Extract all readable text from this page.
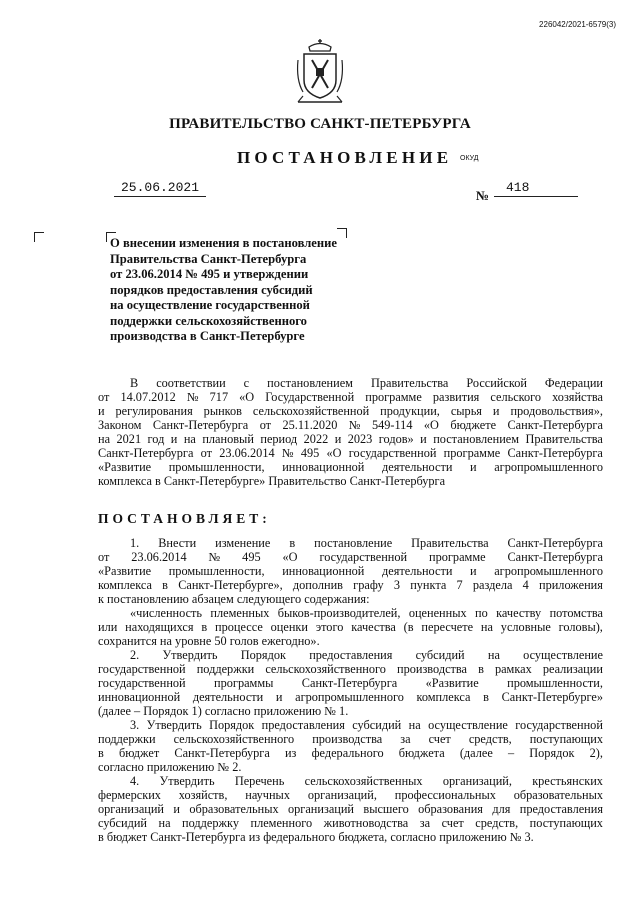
226042/2021-6579(3)
ПРАВИТЕЛЬСТВО САНКТ-ПЕТЕРБУРГА
ПОСТАНОВЛЕНИЕ ОКУД
25.06.2021
№
418
О внесении изменения в постановление
Правительства Санкт-Петербурга
от 23.06.2014 № 495 и утверждении
порядков предоставления субсидий
на осуществление государственной
поддержки сельскохозяйственного
производства в Санкт-Петербурге
В соответствии с постановлением Правительства Российской Федерации
от 14.07.2012 № 717 «О Государственной программе развития сельского хозяйства
и регулирования рынков сельскохозяйственной продукции, сырья и продовольствия»,
Законом Санкт-Петербурга от 25.11.2020 № 549-114 «О бюджете Санкт-Петербурга
на 2021 год и на плановый период 2022 и 2023 годов» и постановлением Правительства
Санкт-Петербурга от 23.06.2014 № 495 «О государственной программе Санкт-Петербурга
«Развитие промышленности, инновационной деятельности и агропромышленного
комплекса в Санкт-Петербурге» Правительство Санкт-Петербурга
ПОСТАНОВЛЯЕТ:
1. Внести изменение в постановление Правительства Санкт-Петербурга
от 23.06.2014 № 495 «О государственной программе Санкт-Петербурга
«Развитие промышленности, инновационной деятельности и агропромышленного
комплекса в Санкт-Петербурге», дополнив графу 3 пункта 7 раздела 4 приложения
к постановлению абзацем следующего содержания:
«численность племенных быков-производителей, оцененных по качеству потомства
или находящихся в процессе оценки этого качества (в пересчете на условные головы),
сохранится на уровне 50 голов ежегодно».
2. Утвердить Порядок предоставления субсидий на осуществление
государственной поддержки сельскохозяйственного производства в рамках реализации
государственной программы Санкт-Петербурга «Развитие промышленности,
инновационной деятельности и агропромышленного комплекса в Санкт-Петербурге»
(далее – Порядок 1) согласно приложению № 1.
3. Утвердить Порядок предоставления субсидий на осуществление государственной
поддержки сельскохозяйственного производства за счет средств, поступающих
в бюджет Санкт-Петербурга из федерального бюджета (далее – Порядок 2),
согласно приложению № 2.
4. Утвердить Перечень сельскохозяйственных организаций, крестьянских
фермерских хозяйств, научных организаций, профессиональных образовательных
организаций и образовательных организаций высшего образования для предоставления
субсидий на поддержку племенного животноводства за счет средств, поступающих
в бюджет Санкт-Петербурга из федерального бюджета, согласно приложению № 3.
